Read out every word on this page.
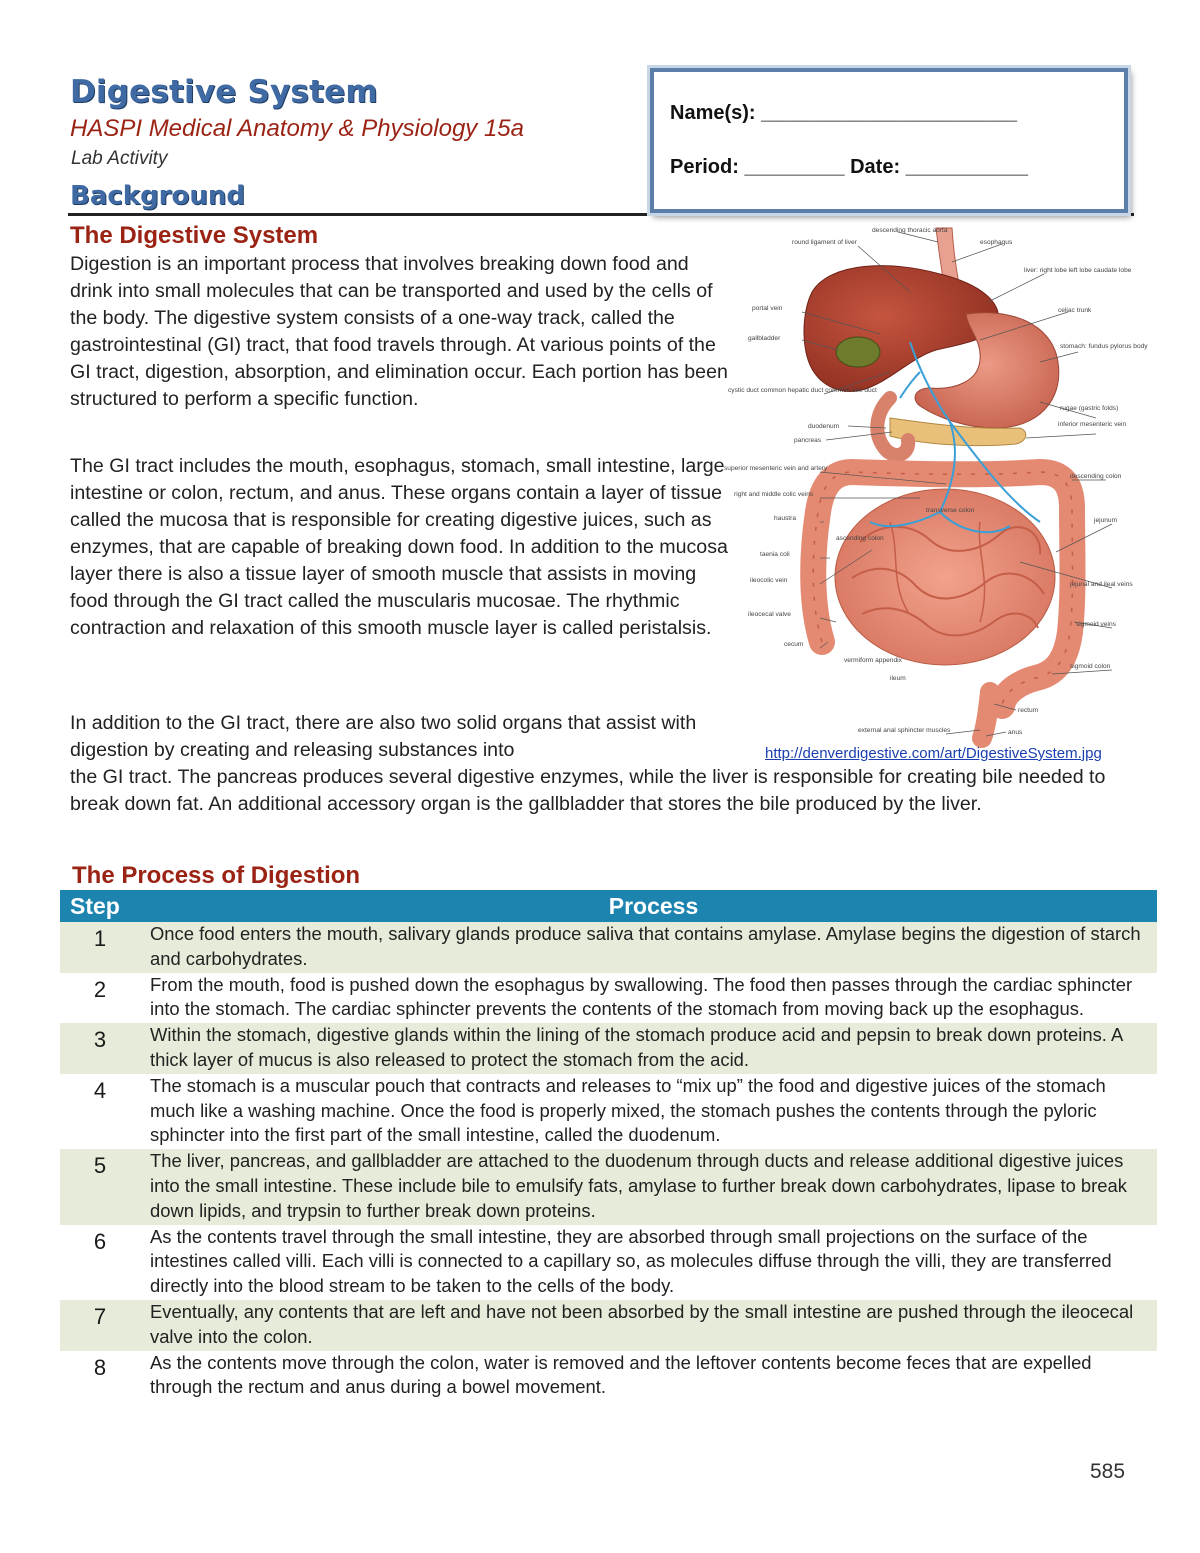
Digestive System
HASPI Medical Anatomy & Physiology 15a
Lab Activity
Background
Name(s): _______________________
Period: _________ Date: ___________
The Digestive System

Digestion is an important process that involves breaking down food and drink into small molecules that can be transported and used by the cells of the body. The digestive system consists of a one-way track, called the gastrointestinal (GI) tract, that food travels through. At various points of the GI tract, digestion, absorption, and elimination occur. Each portion has been structured to perform a specific function.

The GI tract includes the mouth, esophagus, stomach, small intestine, large intestine or colon, rectum, and anus. These organs contain a layer of tissue called the mucosa that is responsible for creating digestive juices, such as enzymes, that are capable of breaking down food. In addition to the mucosa layer there is also a tissue layer of smooth muscle that assists in moving food through the GI tract called the muscularis mucosae. The rhythmic contraction and relaxation of this smooth muscle layer is called peristalsis.

In addition to the GI tract, there are also two solid organs that assist with digestion by creating and releasing substances into

the GI tract. The pancreas produces several digestive enzymes, while the liver is responsible for creating bile needed to break down fat. An additional accessory organ is the gallbladder that stores the bile produced by the liver.

descending thoracic aorta
esophagus
round ligament of liver
liver: right lobe left lobe caudate lobe
portal vein	celiac trunk
gallbladder
stomach: fundus pylorus body
cystic duct common hepatic duct common bile duct
rugae (gastric folds)
inferior mesenteric vein
duodenum
pancreas
superior mesenteric vein and artery
descending colon
right and middle colic veins
transverse colon
haustra	jejunum
ascending colon
taenia coli
ileocolic vein
jejunal and ileal veins
ileocecal valve
sigmoid veins
cecum
vermiform appendix
ileum
sigmoid colon
rectum
external anal sphincter muscles	anus
http://denverdigestive.com/art/DigestiveSystem.jpg
The Process of Digestion
Step	Process
1	Once food enters the mouth, salivary glands produce saliva that contains amylase. Amylase begins the digestion of starch and carbohydrates.
2	From the mouth, food is pushed down the esophagus by swallowing. The food then passes through the cardiac sphincter into the stomach. The cardiac sphincter prevents the contents of the stomach from moving back up the esophagus.
3	Within the stomach, digestive glands within the lining of the stomach produce acid and pepsin to break down proteins. A thick layer of mucus is also released to protect the stomach from the acid.
4	The stomach is a muscular pouch that contracts and releases to “mix up” the food and digestive juices of the stomach much like a washing machine. Once the food is properly mixed, the stomach pushes the contents through the pyloric sphincter into the first part of the small intestine, called the duodenum.
5	The liver, pancreas, and gallbladder are attached to the duodenum through ducts and release additional digestive juices into the small intestine. These include bile to emulsify fats, amylase to further break down carbohydrates, lipase to break down lipids, and trypsin to further break down proteins.
6	As the contents travel through the small intestine, they are absorbed through small projections on the surface of the intestines called villi. Each villi is connected to a capillary so, as molecules diffuse through the villi, they are transferred directly into the blood stream to be taken to the cells of the body.
7	Eventually, any contents that are left and have not been absorbed by the small intestine are pushed through the ileocecal valve into the colon.
8	As the contents move through the colon, water is removed and the leftover contents become feces that are expelled through the rectum and anus during a bowel movement.
585
